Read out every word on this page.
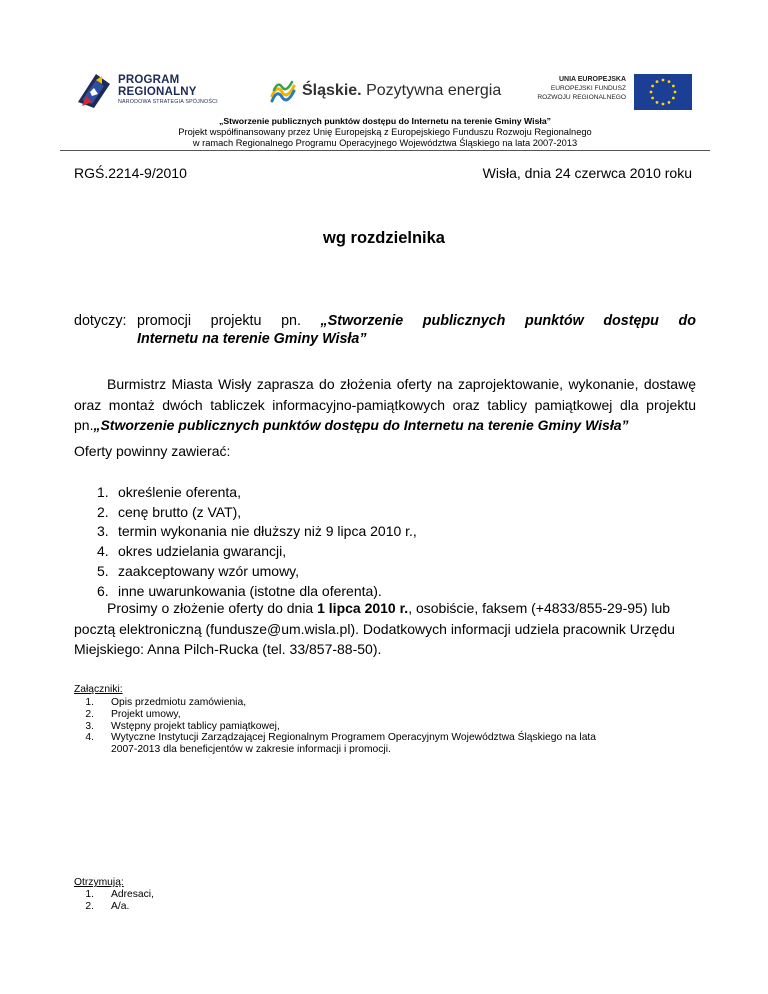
PROGRAM
REGIONALNY
NARODOWA STRATEGIA SPÓJNOŚCI
Śląskie. Pozytywna energia
UNIA EUROPEJSKA
EUROPEJSKI FUNDUSZ
ROZWOJU REGIONALNEGO
„Stworzenie publicznych punktów dostępu do Internetu na terenie Gminy Wisła”
Projekt współfinansowany przez Unię Europejską z Europejskiego Funduszu Rozwoju Regionalnego
w ramach Regionalnego Programu Operacyjnego Województwa Śląskiego na lata 2007-2013
RGŚ.2214-9/2010	Wisła, dnia 24 czerwca 2010 roku
wg rozdzielnika
dotyczy: promocji projektu pn. „Stworzenie publicznych punktów dostępu do
Internetu na terenie Gminy Wisła”
Burmistrz Miasta Wisły zaprasza do złożenia oferty na zaprojektowanie, wykonanie, dostawę
oraz montaż dwóch tabliczek informacyjno-pamiątkowych oraz tablicy pamiątkowej dla projektu
pn.„Stworzenie publicznych punktów dostępu do Internetu na terenie Gminy Wisła”
Oferty powinny zawierać:
1. określenie oferenta,
2. cenę brutto (z VAT),
3. termin wykonania nie dłuższy niż 9 lipca 2010 r.,
4. okres udzielania gwarancji,
5. zaakceptowany wzór umowy,
6. inne uwarunkowania (istotne dla oferenta).
Prosimy o złożenie oferty do dnia 1 lipca 2010 r., osobiście, faksem (+4833/855-29-95) lub
pocztą elektroniczną (fundusze@um.wisla.pl). Dodatkowych informacji udziela pracownik Urzędu
Miejskiego: Anna Pilch-Rucka (tel. 33/857-88-50).
Załączniki:
1. Opis przedmiotu zamówienia,
2. Projekt umowy,
3. Wstępny projekt tablicy pamiątkowej,
4. Wytyczne Instytucji Zarządzającej Regionalnym Programem Operacyjnym Województwa Śląskiego na lata
2007-2013 dla beneficjentów w zakresie informacji i promocji.
Otrzymują:
1. Adresaci,
2. A/a.
